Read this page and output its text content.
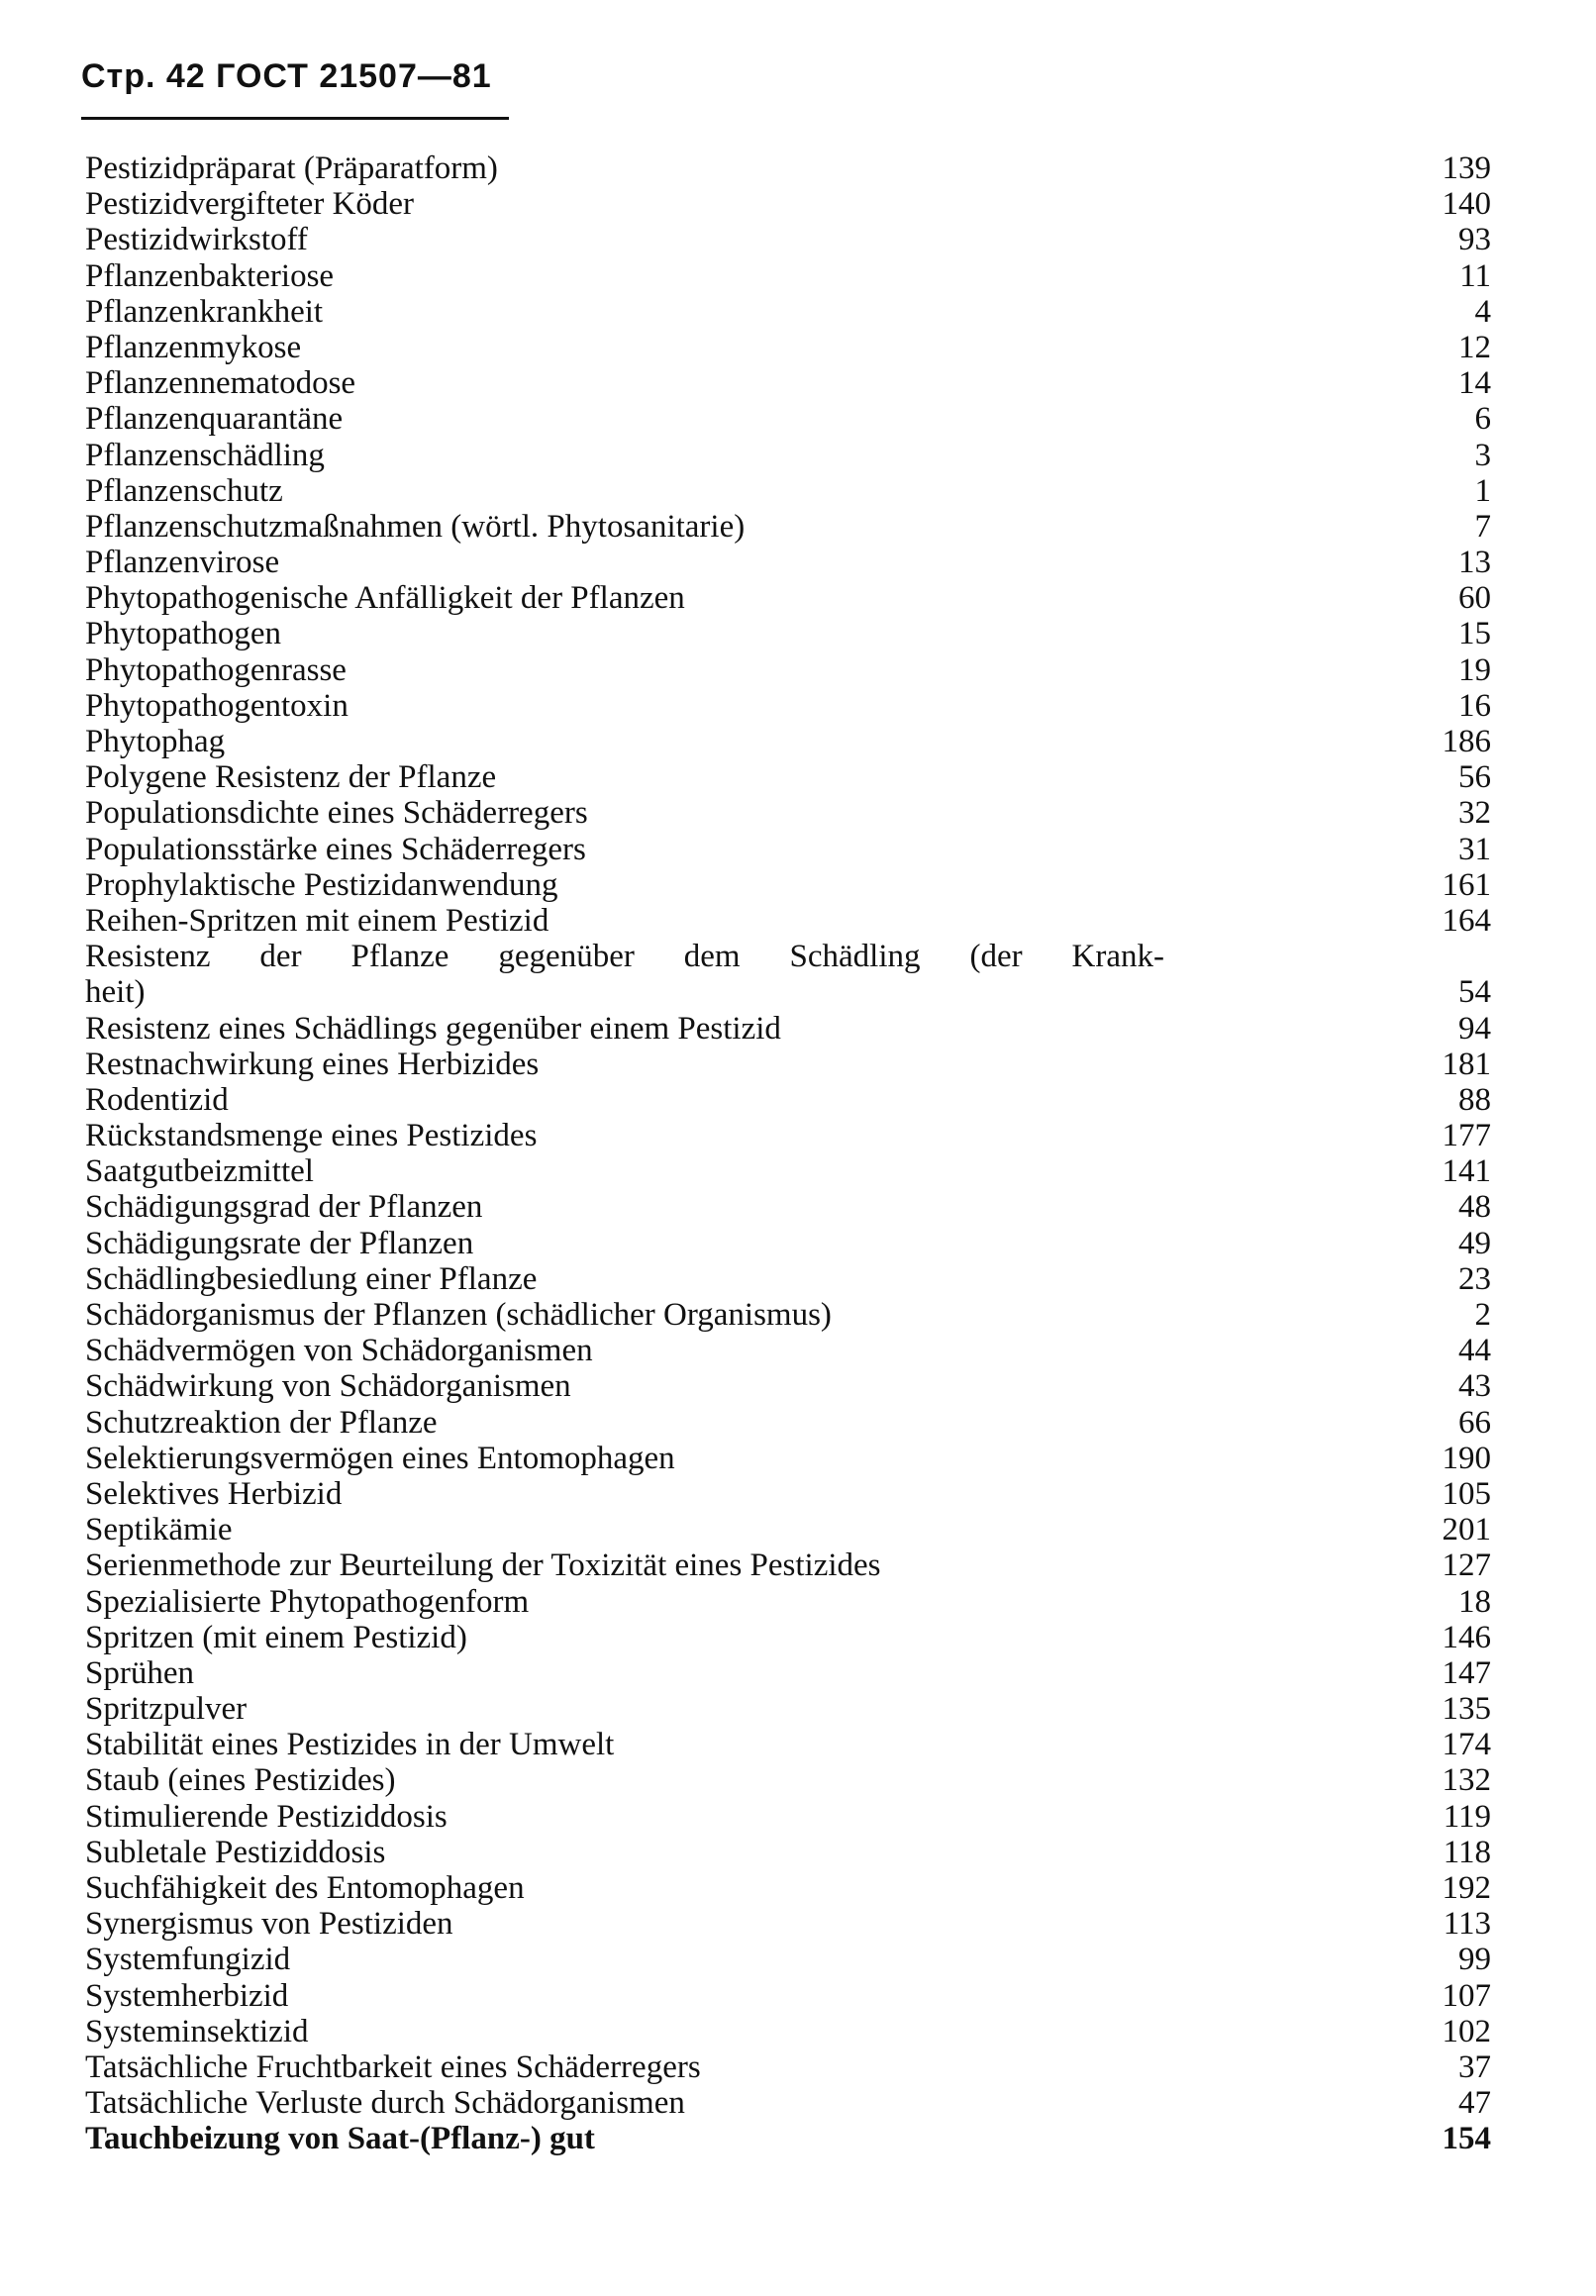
Стр. 42 ГОСТ 21507—81
Pestizidpräparat (Präparatform)	139
Pestizidvergifteter Köder	140
Pestizidwirkstoff	93
Pflanzenbakteriose	11
Pflanzenkrankheit	4
Pflanzenmykose	12
Pflanzennematodose	14
Pflanzenquarantäne	6
Pflanzenschädling	3
Pflanzenschutz	1
Pflanzenschutzmaßnahmen (wörtl. Phytosanitarie)	7
Pflanzenvirose	13
Phytopathogenische Anfälligkeit der Pflanzen	60
Phytopathogen	15
Phytopathogenrasse	19
Phytopathogentoxin	16
Phytophag	186
Polygene Resistenz der Pflanze	56
Populationsdichte eines Schäderregers	32
Populationsstärke eines Schäderregers	31
Prophylaktische Pestizidanwendung	161
Reihen-Spritzen mit einem Pestizid	164
Resistenz der Pflanze gegenüber dem Schädling (der Krank-
heit)	54
Resistenz eines Schädlings gegenüber einem Pestizid	94
Restnachwirkung eines Herbizides	181
Rodentizid	88
Rückstandsmenge eines Pestizides	177
Saatgutbeizmittel	141
Schädigungsgrad der Pflanzen	48
Schädigungsrate der Pflanzen	49
Schädlingbesiedlung einer Pflanze	23
Schädorganismus der Pflanzen (schädlicher Organismus)	2
Schädvermögen von Schädorganismen	44
Schädwirkung von Schädorganismen	43
Schutzreaktion der Pflanze	66
Selektierungsvermögen eines Entomophagen	190
Selektives Herbizid	105
Septikämie	201
Serienmethode zur Beurteilung der Toxizität eines Pestizides	127
Spezialisierte Phytopathogenform	18
Spritzen (mit einem Pestizid)	146
Sprühen	147
Spritzpulver	135
Stabilität eines Pestizides in der Umwelt	174
Staub (eines Pestizides)	132
Stimulierende Pestiziddosis	119
Subletale Pestiziddosis	118
Suchfähigkeit des Entomophagen	192
Synergismus von Pestiziden	113
Systemfungizid	99
Systemherbizid	107
Systeminsektizid	102
Tatsächliche Fruchtbarkeit eines Schäderregers	37
Tatsächliche Verluste durch Schädorganismen	47
Tauchbeizung von Saat-(Pflanz-) gut	154
